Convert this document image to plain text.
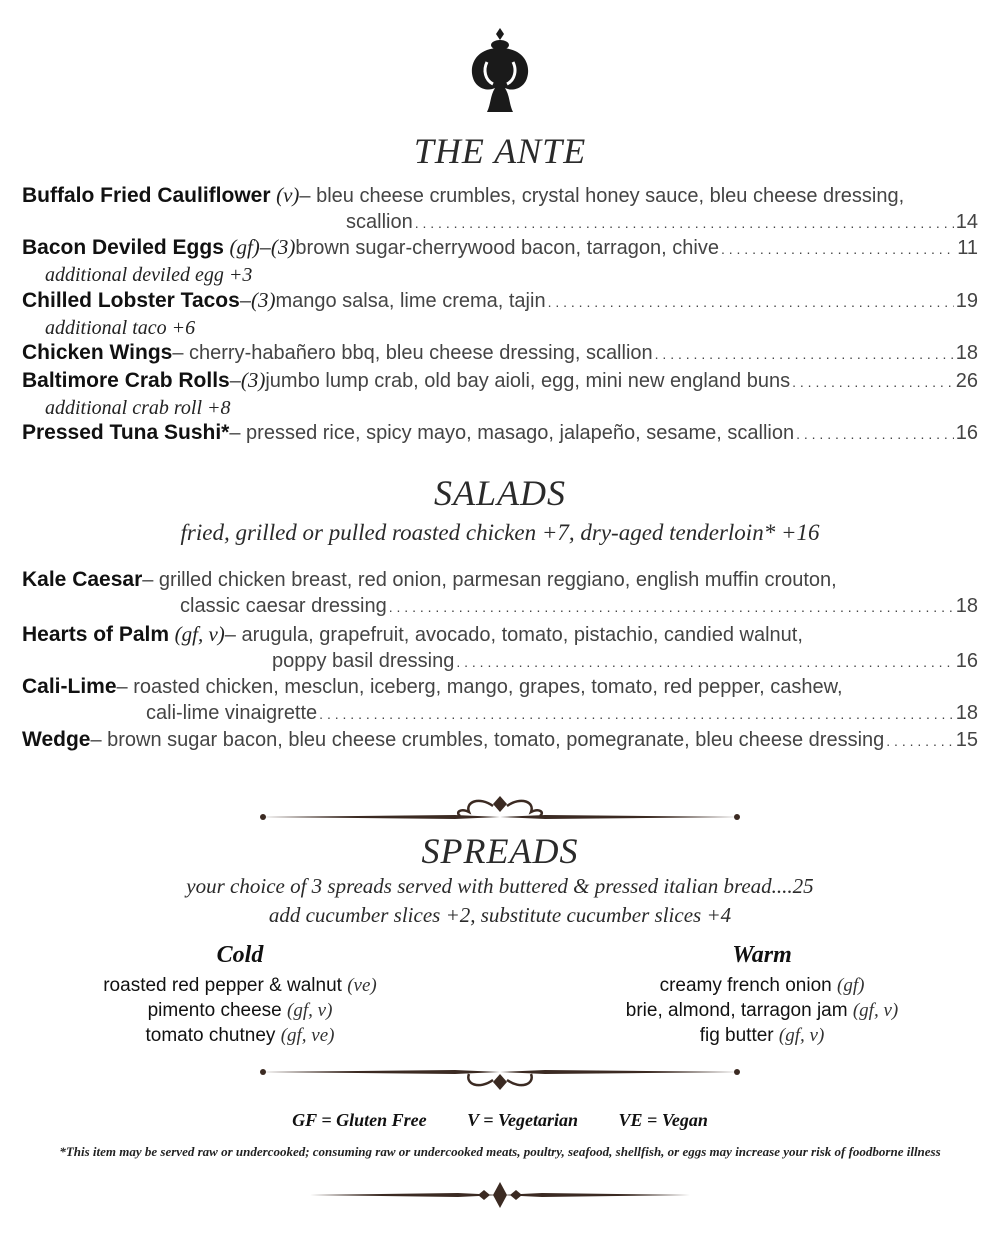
THE ANTE
Buffalo Fried Cauliflower
(v) – bleu cheese crumbles, crystal honey sauce, bleu cheese dressing,
scallion . . .	14
Bacon Deviled Eggs
(gf) – (3) brown sugar-cherrywood bacon, tarragon, chive . . .	11
additional deviled egg +3
Chilled Lobster Tacos – (3) mango salsa, lime crema, tajin . . .	19
additional taco +6
Chicken Wings – cherry-habañero bbq, bleu cheese dressing, scallion . . .	18
Baltimore Crab Rolls – (3) jumbo lump crab, old bay aioli, egg, mini new england buns . . .	26
additional crab roll +8
Pressed Tuna Sushi* – pressed rice, spicy mayo, masago, jalapeño, sesame, scallion . . .	16
SALADS
fried, grilled or pulled roasted chicken +7, dry-aged tenderloin* +16
Kale Caesar – grilled chicken breast, red onion, parmesan reggiano, english muffin crouton,
classic caesar dressing . . .	18
Hearts of Palm
(gf, v) – arugula, grapefruit, avocado, tomato, pistachio, candied walnut,
poppy basil dressing . . .	16
Cali-Lime – roasted chicken, mesclun, iceberg, mango, grapes, tomato, red pepper, cashew,
cali-lime vinaigrette . . .	18
Wedge – brown sugar bacon, bleu cheese crumbles, tomato, pomegranate, bleu cheese dressing . . .	15
SPREADS
your choice of 3 spreads served with buttered & pressed italian bread....25
add cucumber slices +2, substitute cucumber slices +4
Cold
roasted red pepper & walnut (ve)
pimento cheese (gf, v)
tomato chutney (gf, ve)
Warm
creamy french onion (gf)
brie, almond, tarragon jam (gf, v)
fig butter (gf, v)
GF = Gluten Free V = Vegetarian VE = Vegan
*This item may be served raw or undercooked; consuming raw or undercooked meats, poultry, seafood, shellfish, or eggs may increase your risk of foodborne illness
